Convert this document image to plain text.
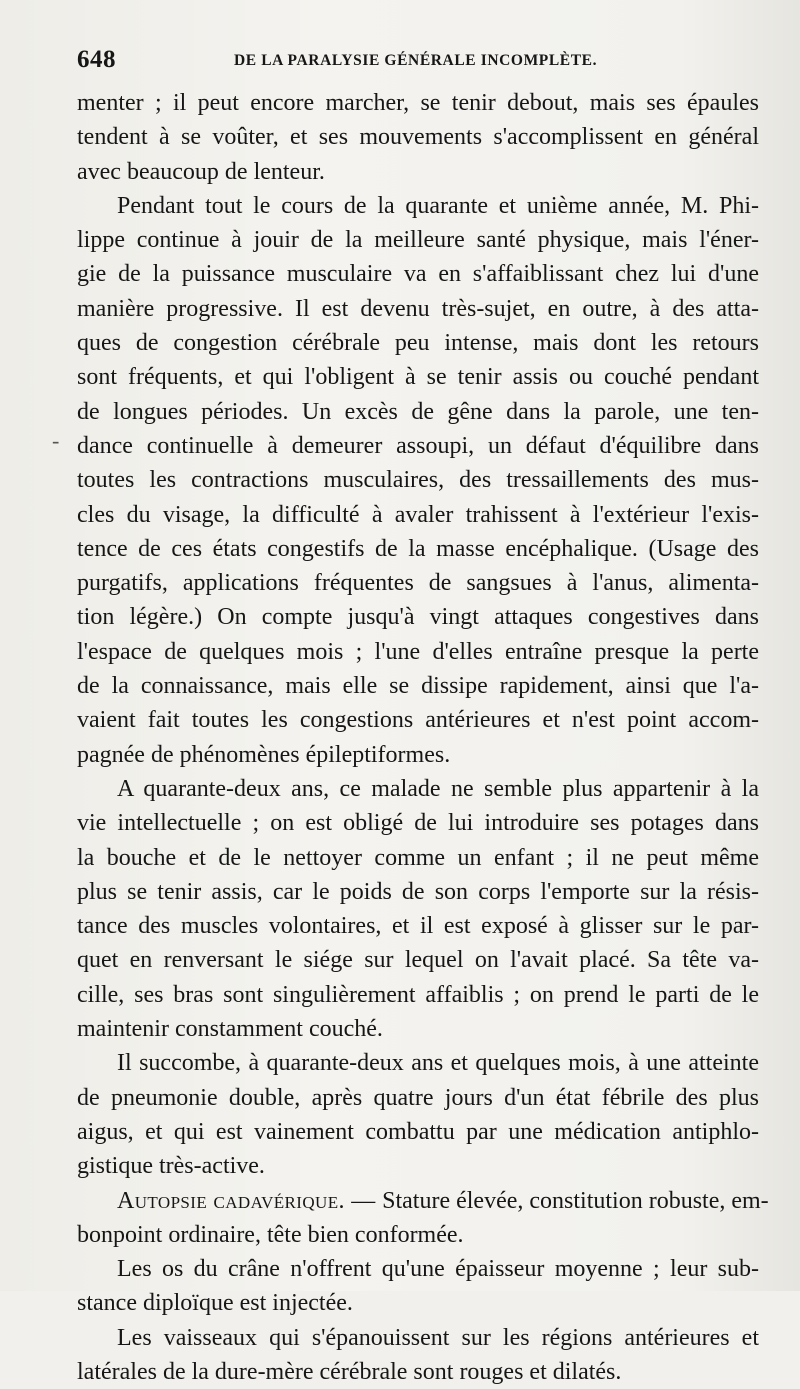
648	DE LA PARALYSIE GÉNÉRALE INCOMPLÈTE.
-
menter ; il peut encore marcher, se tenir debout, mais ses épaules
tendent à se voûter, et ses mouvements s'accomplissent en général
avec beaucoup de lenteur.
Pendant tout le cours de la quarante et unième année, M. Phi-
lippe continue à jouir de la meilleure santé physique, mais l'éner-
gie de la puissance musculaire va en s'affaiblissant chez lui d'une
manière progressive. Il est devenu très-sujet, en outre, à des atta-
ques de congestion cérébrale peu intense, mais dont les retours
sont fréquents, et qui l'obligent à se tenir assis ou couché pendant
de longues périodes. Un excès de gêne dans la parole, une ten-
dance continuelle à demeurer assoupi, un défaut d'équilibre dans
toutes les contractions musculaires, des tressaillements des mus-
cles du visage, la difficulté à avaler trahissent à l'extérieur l'exis-
tence de ces états congestifs de la masse encéphalique. (Usage des
purgatifs, applications fréquentes de sangsues à l'anus, alimenta-
tion légère.) On compte jusqu'à vingt attaques congestives dans
l'espace de quelques mois ; l'une d'elles entraîne presque la perte
de la connaissance, mais elle se dissipe rapidement, ainsi que l'a-
vaient fait toutes les congestions antérieures et n'est point accom-
pagnée de phénomènes épileptiformes.
A quarante-deux ans, ce malade ne semble plus appartenir à la
vie intellectuelle ; on est obligé de lui introduire ses potages dans
la bouche et de le nettoyer comme un enfant ; il ne peut même
plus se tenir assis, car le poids de son corps l'emporte sur la résis-
tance des muscles volontaires, et il est exposé à glisser sur le par-
quet en renversant le siége sur lequel on l'avait placé. Sa tête va-
cille, ses bras sont singulièrement affaiblis ; on prend le parti de le
maintenir constamment couché.
Il succombe, à quarante-deux ans et quelques mois, à une atteinte
de pneumonie double, après quatre jours d'un état fébrile des plus
aigus, et qui est vainement combattu par une médication antiphlo-
gistique très-active.
Autopsie cadavérique. — Stature élevée, constitution robuste, em-
bonpoint ordinaire, tête bien conformée.
Les os du crâne n'offrent qu'une épaisseur moyenne ; leur sub-
stance diploïque est injectée.
Les vaisseaux qui s'épanouissent sur les régions antérieures et
latérales de la dure-mère cérébrale sont rouges et dilatés.
